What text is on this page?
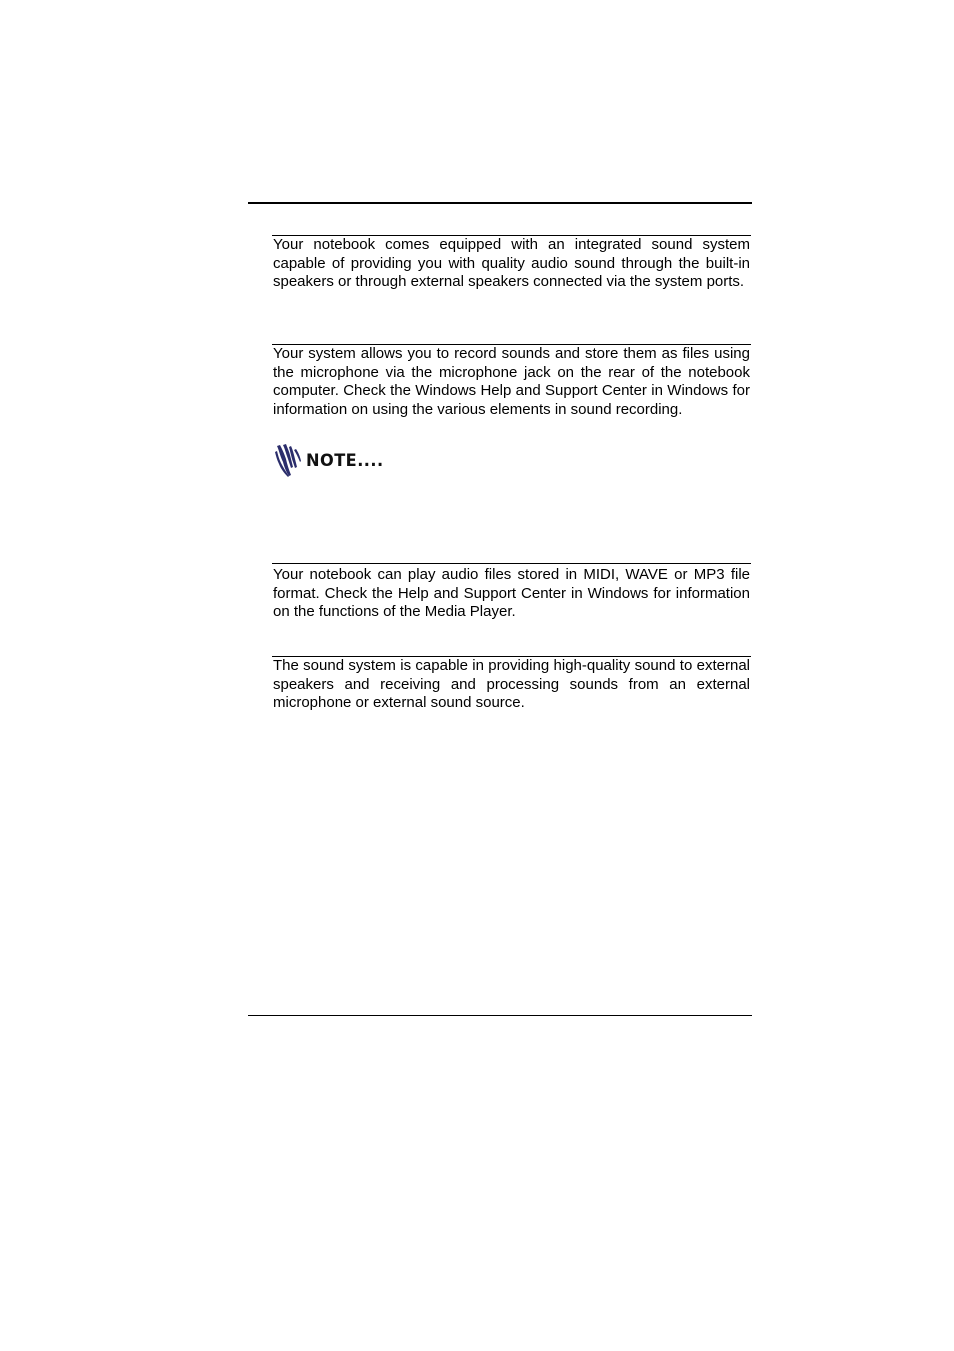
Your notebook comes equipped with an integrated sound system capable of providing you with quality audio sound through the built-in speakers or through external speakers connected via the system ports.

Your system allows you to record sounds and store them as files using the microphone via the microphone jack on the rear of the notebook computer. Check the Windows Help and Support Center in Windows for information on using the various elements in sound recording.

NOTE....

Your notebook can play audio files stored in MIDI, WAVE or MP3 file format. Check the Help and Support Center in Windows for information on the functions of the Media Player.

The sound system is capable in providing high-quality sound to external speakers and receiving and processing sounds from an external microphone or external sound source.
